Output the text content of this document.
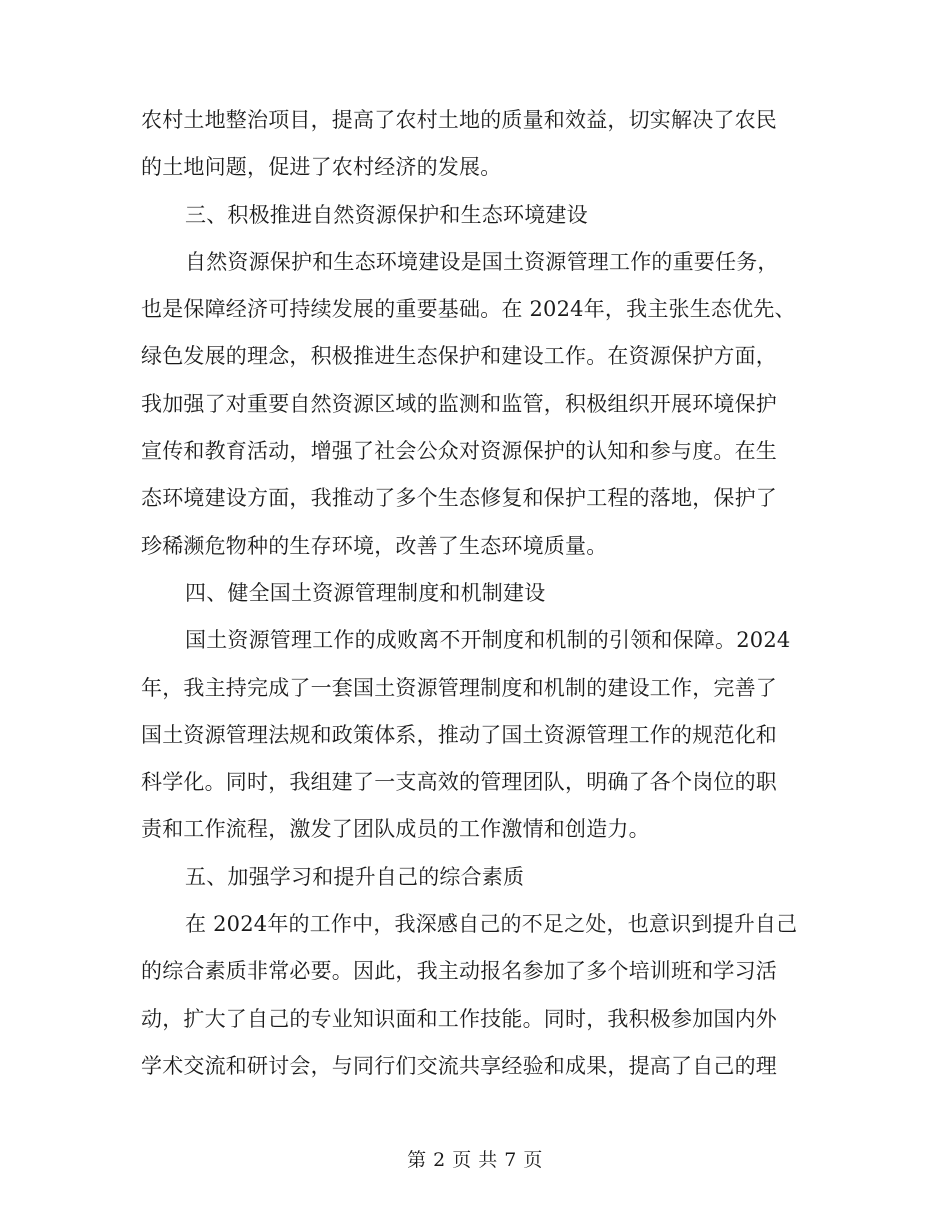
农村土地整治项目，提高了农村土地的质量和效益，切实解决了农民
的土地问题，促进了农村经济的发展。
三、积极推进自然资源保护和生态环境建设
自然资源保护和生态环境建设是国土资源管理工作的重要任务，
也是保障经济可持续发展的重要基础。在 2024年，我主张生态优先、
绿色发展的理念，积极推进生态保护和建设工作。在资源保护方面，
我加强了对重要自然资源区域的监测和监管，积极组织开展环境保护
宣传和教育活动，增强了社会公众对资源保护的认知和参与度。在生
态环境建设方面，我推动了多个生态修复和保护工程的落地，保护了
珍稀濒危物种的生存环境，改善了生态环境质量。
四、健全国土资源管理制度和机制建设
国土资源管理工作的成败离不开制度和机制的引领和保障。2024
年，我主持完成了一套国土资源管理制度和机制的建设工作，完善了
国土资源管理法规和政策体系，推动了国土资源管理工作的规范化和
科学化。同时，我组建了一支高效的管理团队，明确了各个岗位的职
责和工作流程，激发了团队成员的工作激情和创造力。
五、加强学习和提升自己的综合素质
在 2024年的工作中，我深感自己的不足之处，也意识到提升自己
的综合素质非常必要。因此，我主动报名参加了多个培训班和学习活
动，扩大了自己的专业知识面和工作技能。同时，我积极参加国内外
学术交流和研讨会，与同行们交流共享经验和成果，提高了自己的理
第 2 页 共 7 页
